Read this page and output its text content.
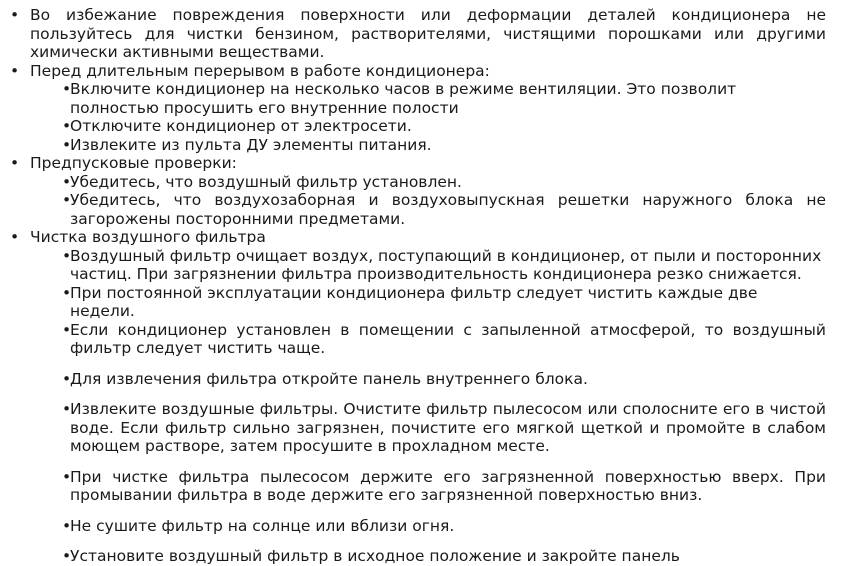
• Во избежание повреждения поверхности или деформации деталей кондиционера не пользуйтесь для чистки бензином, растворителями, чистящими порошками или другими химически активными веществами.
• Перед длительным перерывом в работе кондиционера:
•
Включите кондиционер на несколько часов в режиме вентиляции. Это позволит полностью просушить его внутренние полости
•
Отключите кондиционер от электросети.
•
Извлеките из пульта ДУ элементы питания.
• Предпусковые проверки:
•
Убедитесь, что воздушный фильтр установлен.
•
Убедитесь, что воздухозаборная и воздуховыпускная решетки наружного блока не загорожены посторонними предметами.
• Чистка воздушного фильтра
•
Воздушный фильтр очищает воздух, поступающий в кондиционер, от пыли и посторонних частиц. При загрязнении фильтра производительность кондиционера резко снижается.
•
При постоянной эксплуатации кондиционера фильтр следует чистить каждые две недели.
•
Если кондиционер установлен в помещении с запыленной атмосферой, то воздушный фильтр следует чистить чаще.
•
Для извлечения фильтра откройте панель внутреннего блока.
•
Извлеките воздушные фильтры. Очистите фильтр пылесосом или сполосните его в чистой воде. Если фильтр сильно загрязнен, почистите его мягкой щеткой и промойте в слабом моющем растворе, затем просушите в прохладном месте.
•
При чистке фильтра пылесосом держите его загрязненной поверхностью вверх. При промывании фильтра в воде держите его загрязненной поверхностью вниз.
•
Не сушите фильтр на солнце или вблизи огня.
•
Установите воздушный фильтр в исходное положение и закройте панель
